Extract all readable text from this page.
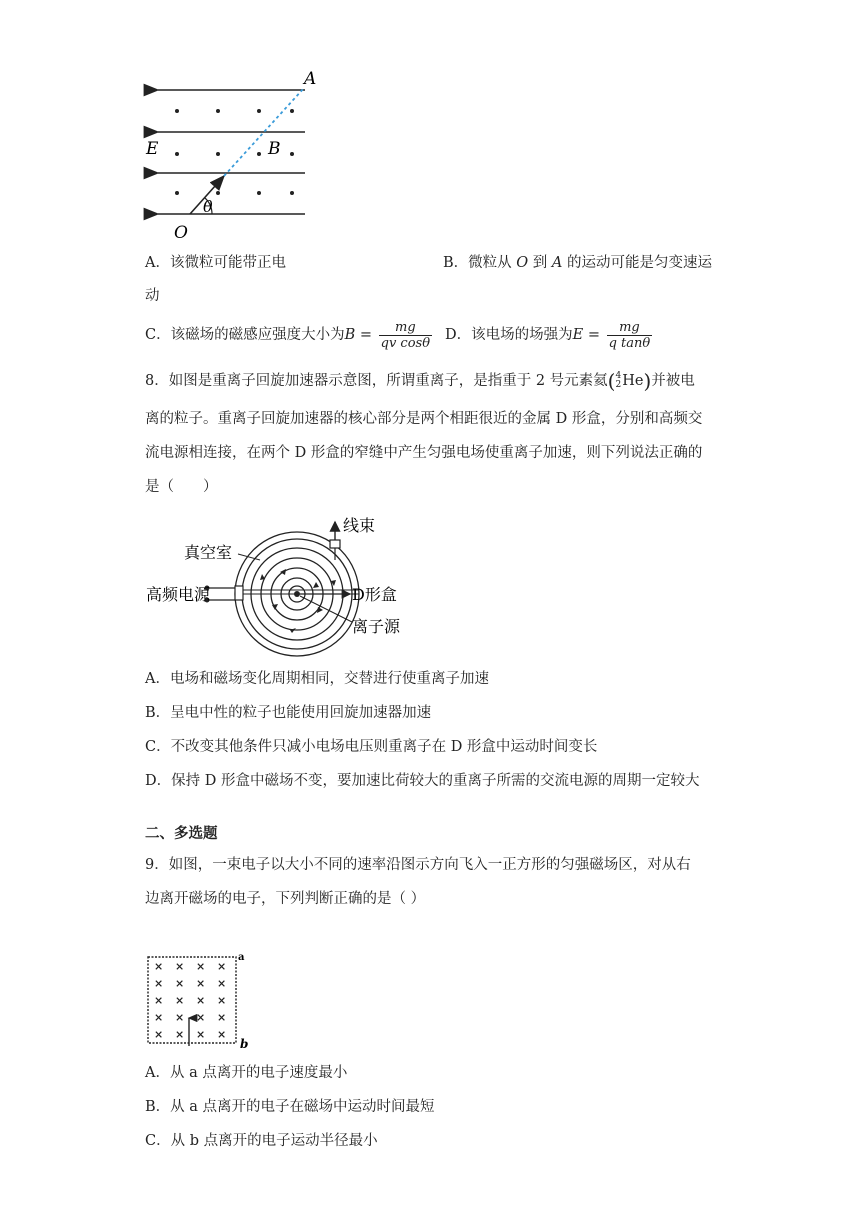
A
B
E
O
θ
A．该微粒可能带正电	B．微粒从 O 到 A 的运动可能是匀变速运
动
C．该磁场的磁感应强度大小为$B = \frac{mg}{\text{qv cosθ}}$ D．该电场的场强为$E = \frac{mg}{\text{q tanθ}}$
8．如图是重离子回旋加速器示意图，所谓重离子，是指重于 2 号元素氦( 4
2 He)并被电
离的粒子。重离子回旋加速器的核心部分是两个相距很近的金属 D 形盒，分别和高频交
流电源相连接，在两个 D 形盒的窄缝中产生匀强电场使重离子加速，则下列说法正确的
是（　　）
线束
真空室
高频电源	D形盒
离子源
A．电场和磁场变化周期相同，交替进行使重离子加速
B．呈电中性的粒子也能使用回旋加速器加速
C．不改变其他条件只减小电场电压则重离子在 D 形盒中运动时间变长
D．保持 D 形盒中磁场不变，要加速比荷较大的重离子所需的交流电源的周期一定较大
二、多选题
9．如图，一束电子以大小不同的速率沿图示方向飞入一正方形的匀强磁场区，对从右
边离开磁场的电子，下列判断正确的是（ ）
× × × ×
× × × ×
× × × ×
× × × ×
× × × ×
a
b
A．从 a 点离开的电子速度最小
B．从 a 点离开的电子在磁场中运动时间最短
C．从 b 点离开的电子运动半径最小
